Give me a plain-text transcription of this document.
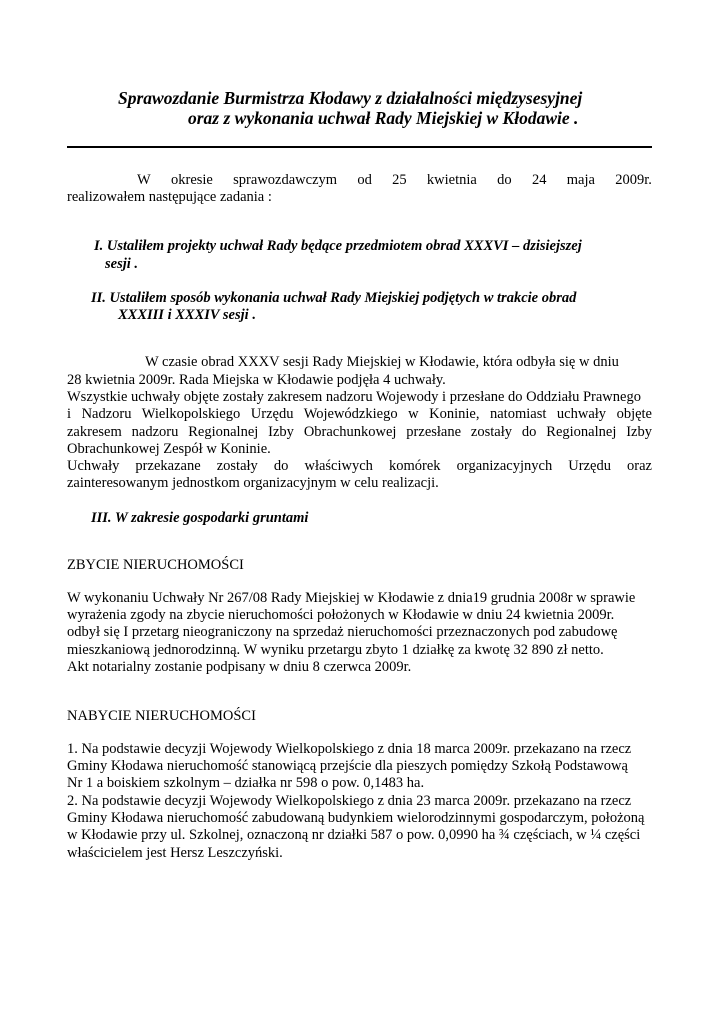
Sprawozdanie Burmistrza Kłodawy z działalności międzysesyjnej
oraz z wykonania uchwał Rady Miejskiej w Kłodawie .
W okresie sprawozdawczym od 25 kwietnia do 24 maja 2009r.
realizowałem następujące zadania :
I. Ustaliłem projekty uchwał Rady będące przedmiotem obrad XXXVI – dzisiejszej
sesji .
II. Ustaliłem sposób wykonania uchwał Rady Miejskiej podjętych w trakcie obrad
XXXIII i XXXIV sesji .
W czasie obrad XXXV sesji Rady Miejskiej w Kłodawie, która odbyła się w dniu
28 kwietnia 2009r. Rada Miejska w Kłodawie podjęła 4 uchwały.
Wszystkie uchwały objęte zostały zakresem nadzoru Wojewody i przesłane do Oddziału Prawnego
i Nadzoru Wielkopolskiego Urzędu Wojewódzkiego w Koninie, natomiast uchwały objęte
zakresem nadzoru Regionalnej Izby Obrachunkowej przesłane zostały do Regionalnej Izby
Obrachunkowej Zespół w Koninie.
Uchwały przekazane zostały do właściwych komórek organizacyjnych Urzędu oraz
zainteresowanym jednostkom organizacyjnym w celu realizacji.
III. W zakresie gospodarki gruntami
ZBYCIE NIERUCHOMOŚCI
W wykonaniu Uchwały Nr 267/08 Rady Miejskiej w Kłodawie z dnia19 grudnia 2008r w sprawie
wyrażenia zgody na zbycie nieruchomości położonych w Kłodawie w dniu 24 kwietnia 2009r.
odbył się I przetarg nieograniczony na sprzedaż nieruchomości przeznaczonych pod zabudowę
mieszkaniową jednorodzinną. W wyniku przetargu zbyto 1 działkę za kwotę 32 890 zł netto.
Akt notarialny zostanie podpisany w dniu 8 czerwca 2009r.
NABYCIE NIERUCHOMOŚCI
1. Na podstawie decyzji Wojewody Wielkopolskiego z dnia 18 marca 2009r. przekazano na rzecz
Gminy Kłodawa nieruchomość stanowiącą przejście dla pieszych pomiędzy Szkołą Podstawową
Nr 1 a boiskiem szkolnym – działka nr 598 o pow. 0,1483 ha.
2. Na podstawie decyzji Wojewody Wielkopolskiego z dnia 23 marca 2009r. przekazano na rzecz
Gminy Kłodawa nieruchomość zabudowaną budynkiem wielorodzinnymi gospodarczym, położoną
w Kłodawie przy ul. Szkolnej, oznaczoną nr działki 587 o pow. 0,0990 ha ¾ częściach, w ¼ części
właścicielem jest Hersz Leszczyński.
